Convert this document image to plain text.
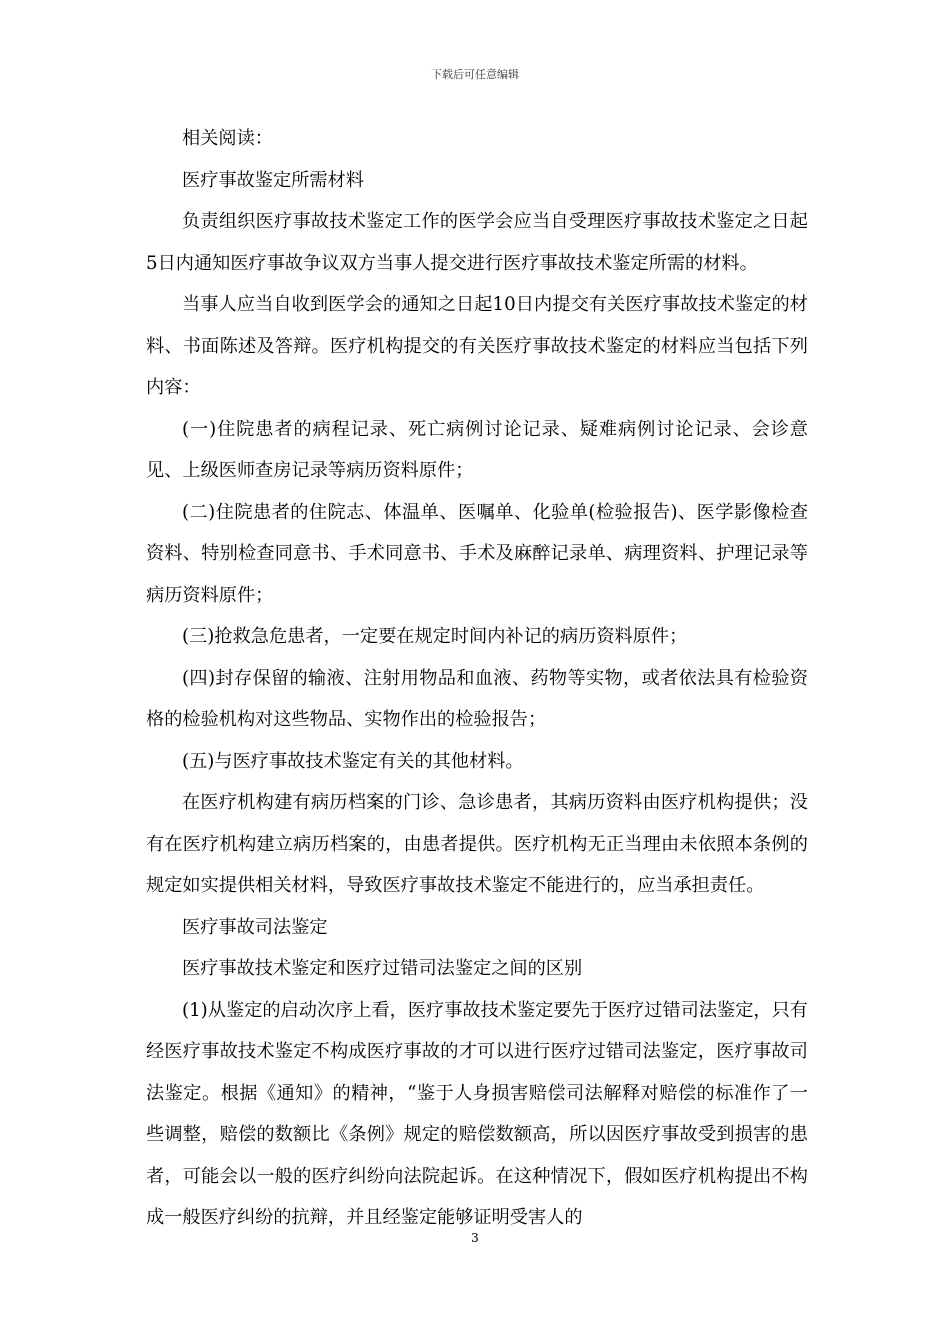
下载后可任意编辑

相关阅读：

医疗事故鉴定所需材料

负责组织医疗事故技术鉴定工作的医学会应当自受理医疗事故技术鉴定之日起5日内通知医疗事故争议双方当事人提交进行医疗事故技术鉴定所需的材料。

当事人应当自收到医学会的通知之日起10日内提交有关医疗事故技术鉴定的材料、书面陈述及答辩。医疗机构提交的有关医疗事故技术鉴定的材料应当包括下列内容：

(一)住院患者的病程记录、死亡病例讨论记录、疑难病例讨论记录、会诊意见、上级医师查房记录等病历资料原件；

(二)住院患者的住院志、体温单、医嘱单、化验单(检验报告)、医学影像检查资料、特别检查同意书、手术同意书、手术及麻醉记录单、病理资料、护理记录等病历资料原件；

(三)抢救急危患者，一定要在规定时间内补记的病历资料原件；

(四)封存保留的输液、注射用物品和血液、药物等实物，或者依法具有检验资格的检验机构对这些物品、实物作出的检验报告；

(五)与医疗事故技术鉴定有关的其他材料。

在医疗机构建有病历档案的门诊、急诊患者，其病历资料由医疗机构提供；没有在医疗机构建立病历档案的，由患者提供。医疗机构无正当理由未依照本条例的规定如实提供相关材料，导致医疗事故技术鉴定不能进行的，应当承担责任。

医疗事故司法鉴定

医疗事故技术鉴定和医疗过错司法鉴定之间的区别

(1)从鉴定的启动次序上看，医疗事故技术鉴定要先于医疗过错司法鉴定，只有经医疗事故技术鉴定不构成医疗事故的才可以进行医疗过错司法鉴定，医疗事故司法鉴定。根据《通知》的精神，“鉴于人身损害赔偿司法解释对赔偿的标准作了一些调整，赔偿的数额比《条例》规定的赔偿数额高，所以因医疗事故受到损害的患者，可能会以一般的医疗纠纷向法院起诉。在这种情况下，假如医疗机构提出不构成一般医疗纠纷的抗辩，并且经鉴定能够证明受害人的

3
